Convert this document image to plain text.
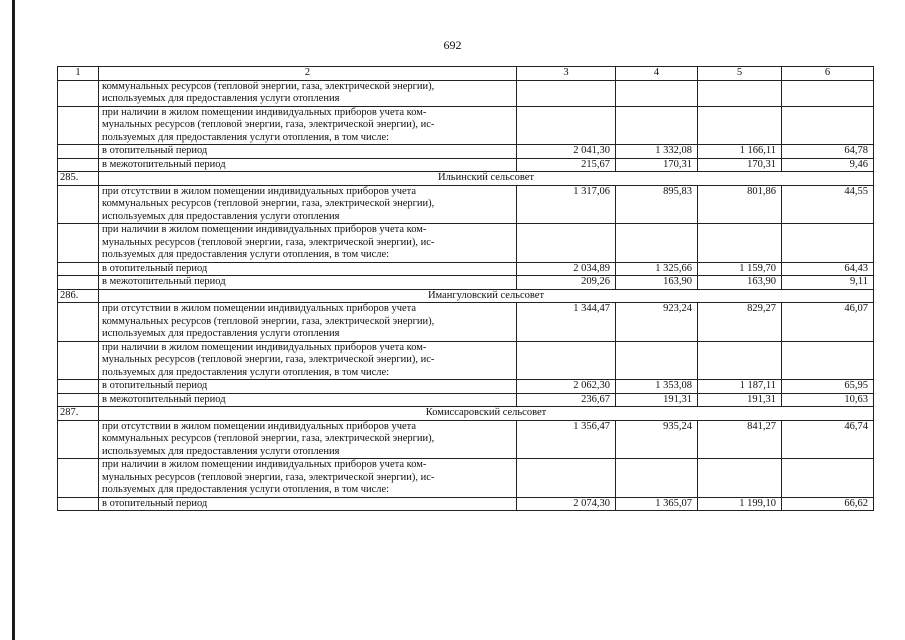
692
1	2	3	4	5	6

	коммунальных ресурсов (тепловой энергии, газа, электрической энергии),
используемых для предоставления услуги отопления				

	при наличии в жилом помещении индивидуальных приборов учета ком-
мунальных ресурсов (тепловой энергии, газа, электрической энергии), ис-
пользуемых для предоставления услуги отопления, в том числе:				

	в отопительный период	2 041,30	1 332,08	1 166,11	64,78

	в межотопительный период	215,67	170,31	170,31	9,46
285.	Ильинский сельсовет				

	при отсутствии в жилом помещении индивидуальных приборов учета
коммунальных ресурсов (тепловой энергии, газа, электрической энергии),
используемых для предоставления услуги отопления	1 317,06	895,83	801,86	44,55

	при наличии в жилом помещении индивидуальных приборов учета ком-
мунальных ресурсов (тепловой энергии, газа, электрической энергии), ис-
пользуемых для предоставления услуги отопления, в том числе:				

	в отопительный период	2 034,89	1 325,66	1 159,70	64,43

	в межотопительный период	209,26	163,90	163,90	9,11
286.	Имангуловский сельсовет				

	при отсутствии в жилом помещении индивидуальных приборов учета
коммунальных ресурсов (тепловой энергии, газа, электрической энергии),
используемых для предоставления услуги отопления	1 344,47	923,24	829,27	46,07

	при наличии в жилом помещении индивидуальных приборов учета ком-
мунальных ресурсов (тепловой энергии, газа, электрической энергии), ис-
пользуемых для предоставления услуги отопления, в том числе:				

	в отопительный период	2 062,30	1 353,08	1 187,11	65,95

	в межотопительный период	236,67	191,31	191,31	10,63
287.	Комиссаровский сельсовет				

	при отсутствии в жилом помещении индивидуальных приборов учета
коммунальных ресурсов (тепловой энергии, газа, электрической энергии),
используемых для предоставления услуги отопления	1 356,47	935,24	841,27	46,74

	при наличии в жилом помещении индивидуальных приборов учета ком-
мунальных ресурсов (тепловой энергии, газа, электрической энергии), ис-
пользуемых для предоставления услуги отопления, в том числе:				

	в отопительный период	2 074,30	1 365,07	1 199,10	66,62
